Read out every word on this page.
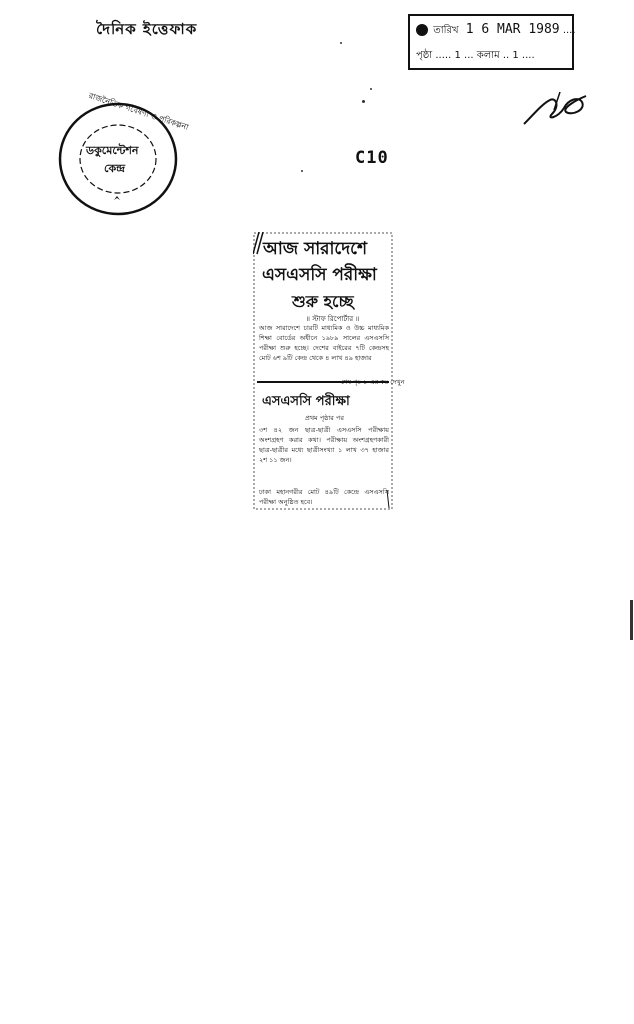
দৈনিক ইত্তেফাক	তারিখ 1 6 MAR 1989 ....
পৃষ্ঠা ..... 1 ... কলাম .. 1 ....
রাজনৈতিক গবেষণা ও পরিকল্পনা
ডকুমেন্টেশন
কেন্দ্র
C10
আজ সারাদেশে
এসএসসি পরীক্ষা
শুরু হচ্ছে
॥ স্টাফ রিপোর্টার ॥
আজ সারাদেশে চারটি মাধ্যমিক ও উচ্চ মাধ্যমিক শিক্ষা বোর্ডের অধীনে ১৯৮৯ সালের এসএসসি পরীক্ষা শুরু হচ্ছে। দেশের বাইরের ৭টি কেন্দ্রসহ মোট ৬শ ৯টি কেন্দ্র থেকে ৪ লাখ ৪৯ হাজার
শেষ পৃঃ ১-এর কঃ দেখুন
এসএসসি পরীক্ষা
প্রথম পৃষ্ঠার পর
৩শ ৪২ জন ছাত্র-ছাত্রী এসএসসি পরীক্ষায় অংশগ্রহণ করার কথা। পরীক্ষায় অংশগ্রহণকারী ছাত্র-ছাত্রীর মধ্যে ছাত্রীসংখ্যা ১ লাখ ৩৭ হাজার ২শ ১১ জন।
ঢাকা মহানগরীর মোট ৪৯টি কেন্দ্রে এসএসসি পরীক্ষা অনুষ্ঠিত হবে।
